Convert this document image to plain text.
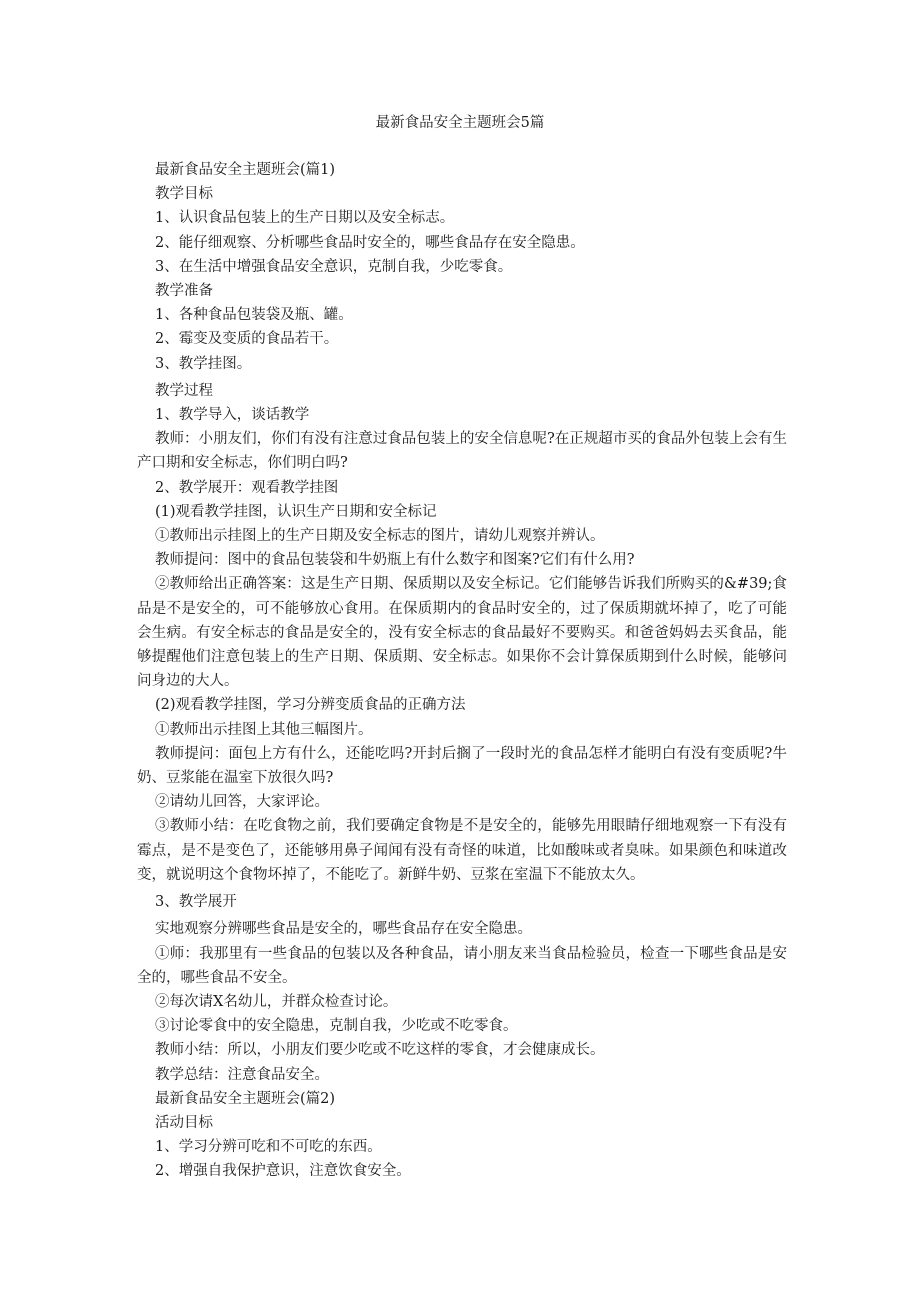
最新食品安全主题班会5篇

最新食品安全主题班会(篇1)

教学目标

1、认识食品包装上的生产日期以及安全标志。

2、能仔细观察、分析哪些食品时安全的，哪些食品存在安全隐患。

3、在生活中增强食品安全意识，克制自我，少吃零食。

教学准备

1、各种食品包装袋及瓶、罐。

2、霉变及变质的食品若干。

3、教学挂图。

教学过程

1、教学导入，谈话教学

教师：小朋友们，你们有没有注意过食品包装上的安全信息呢?在正规超市买的食品外包装上会有生产口期和安全标志，你们明白吗?

2、教学展开：观看教学挂图

(1)观看教学挂图，认识生产日期和安全标记

①教师出示挂图上的生产日期及安全标志的图片，请幼儿观察并辨认。

教师提问：图中的食品包装袋和牛奶瓶上有什么数字和图案?它们有什么用?

②教师给出正确答案：这是生产日期、保质期以及安全标记。它们能够告诉我们所购买的&#39;食品是不是安全的，可不能够放心食用。在保质期内的食品时安全的，过了保质期就坏掉了，吃了可能会生病。有安全标志的食品是安全的，没有安全标志的食品最好不要购买。和爸爸妈妈去买食品，能够提醒他们注意包装上的生产日期、保质期、安全标志。如果你不会计算保质期到什么时候，能够问问身边的大人。

(2)观看教学挂图，学习分辨变质食品的正确方法

①教师出示挂图上其他三幅图片。

教师提问：面包上方有什么，还能吃吗?开封后搁了一段时光的食品怎样才能明白有没有变质呢?牛奶、豆浆能在温室下放很久吗?

②请幼儿回答，大家评论。

③教师小结：在吃食物之前，我们要确定食物是不是安全的，能够先用眼睛仔细地观察一下有没有霉点，是不是变色了，还能够用鼻子闻闻有没有奇怪的味道，比如酸味或者臭味。如果颜色和味道改变，就说明这个食物坏掉了，不能吃了。新鲜牛奶、豆浆在室温下不能放太久。

3、教学展开

实地观察分辨哪些食品是安全的，哪些食品存在安全隐患。

①师：我那里有一些食品的包装以及各种食品，请小朋友来当食品检验员，检查一下哪些食品是安全的，哪些食品不安全。

②每次请X名幼儿，并群众检查讨论。

③讨论零食中的安全隐患，克制自我，少吃或不吃零食。

教师小结：所以，小朋友们要少吃或不吃这样的零食，才会健康成长。

教学总结：注意食品安全。

最新食品安全主题班会(篇2)

活动目标

1、学习分辨可吃和不可吃的东西。

2、增强自我保护意识，注意饮食安全。
